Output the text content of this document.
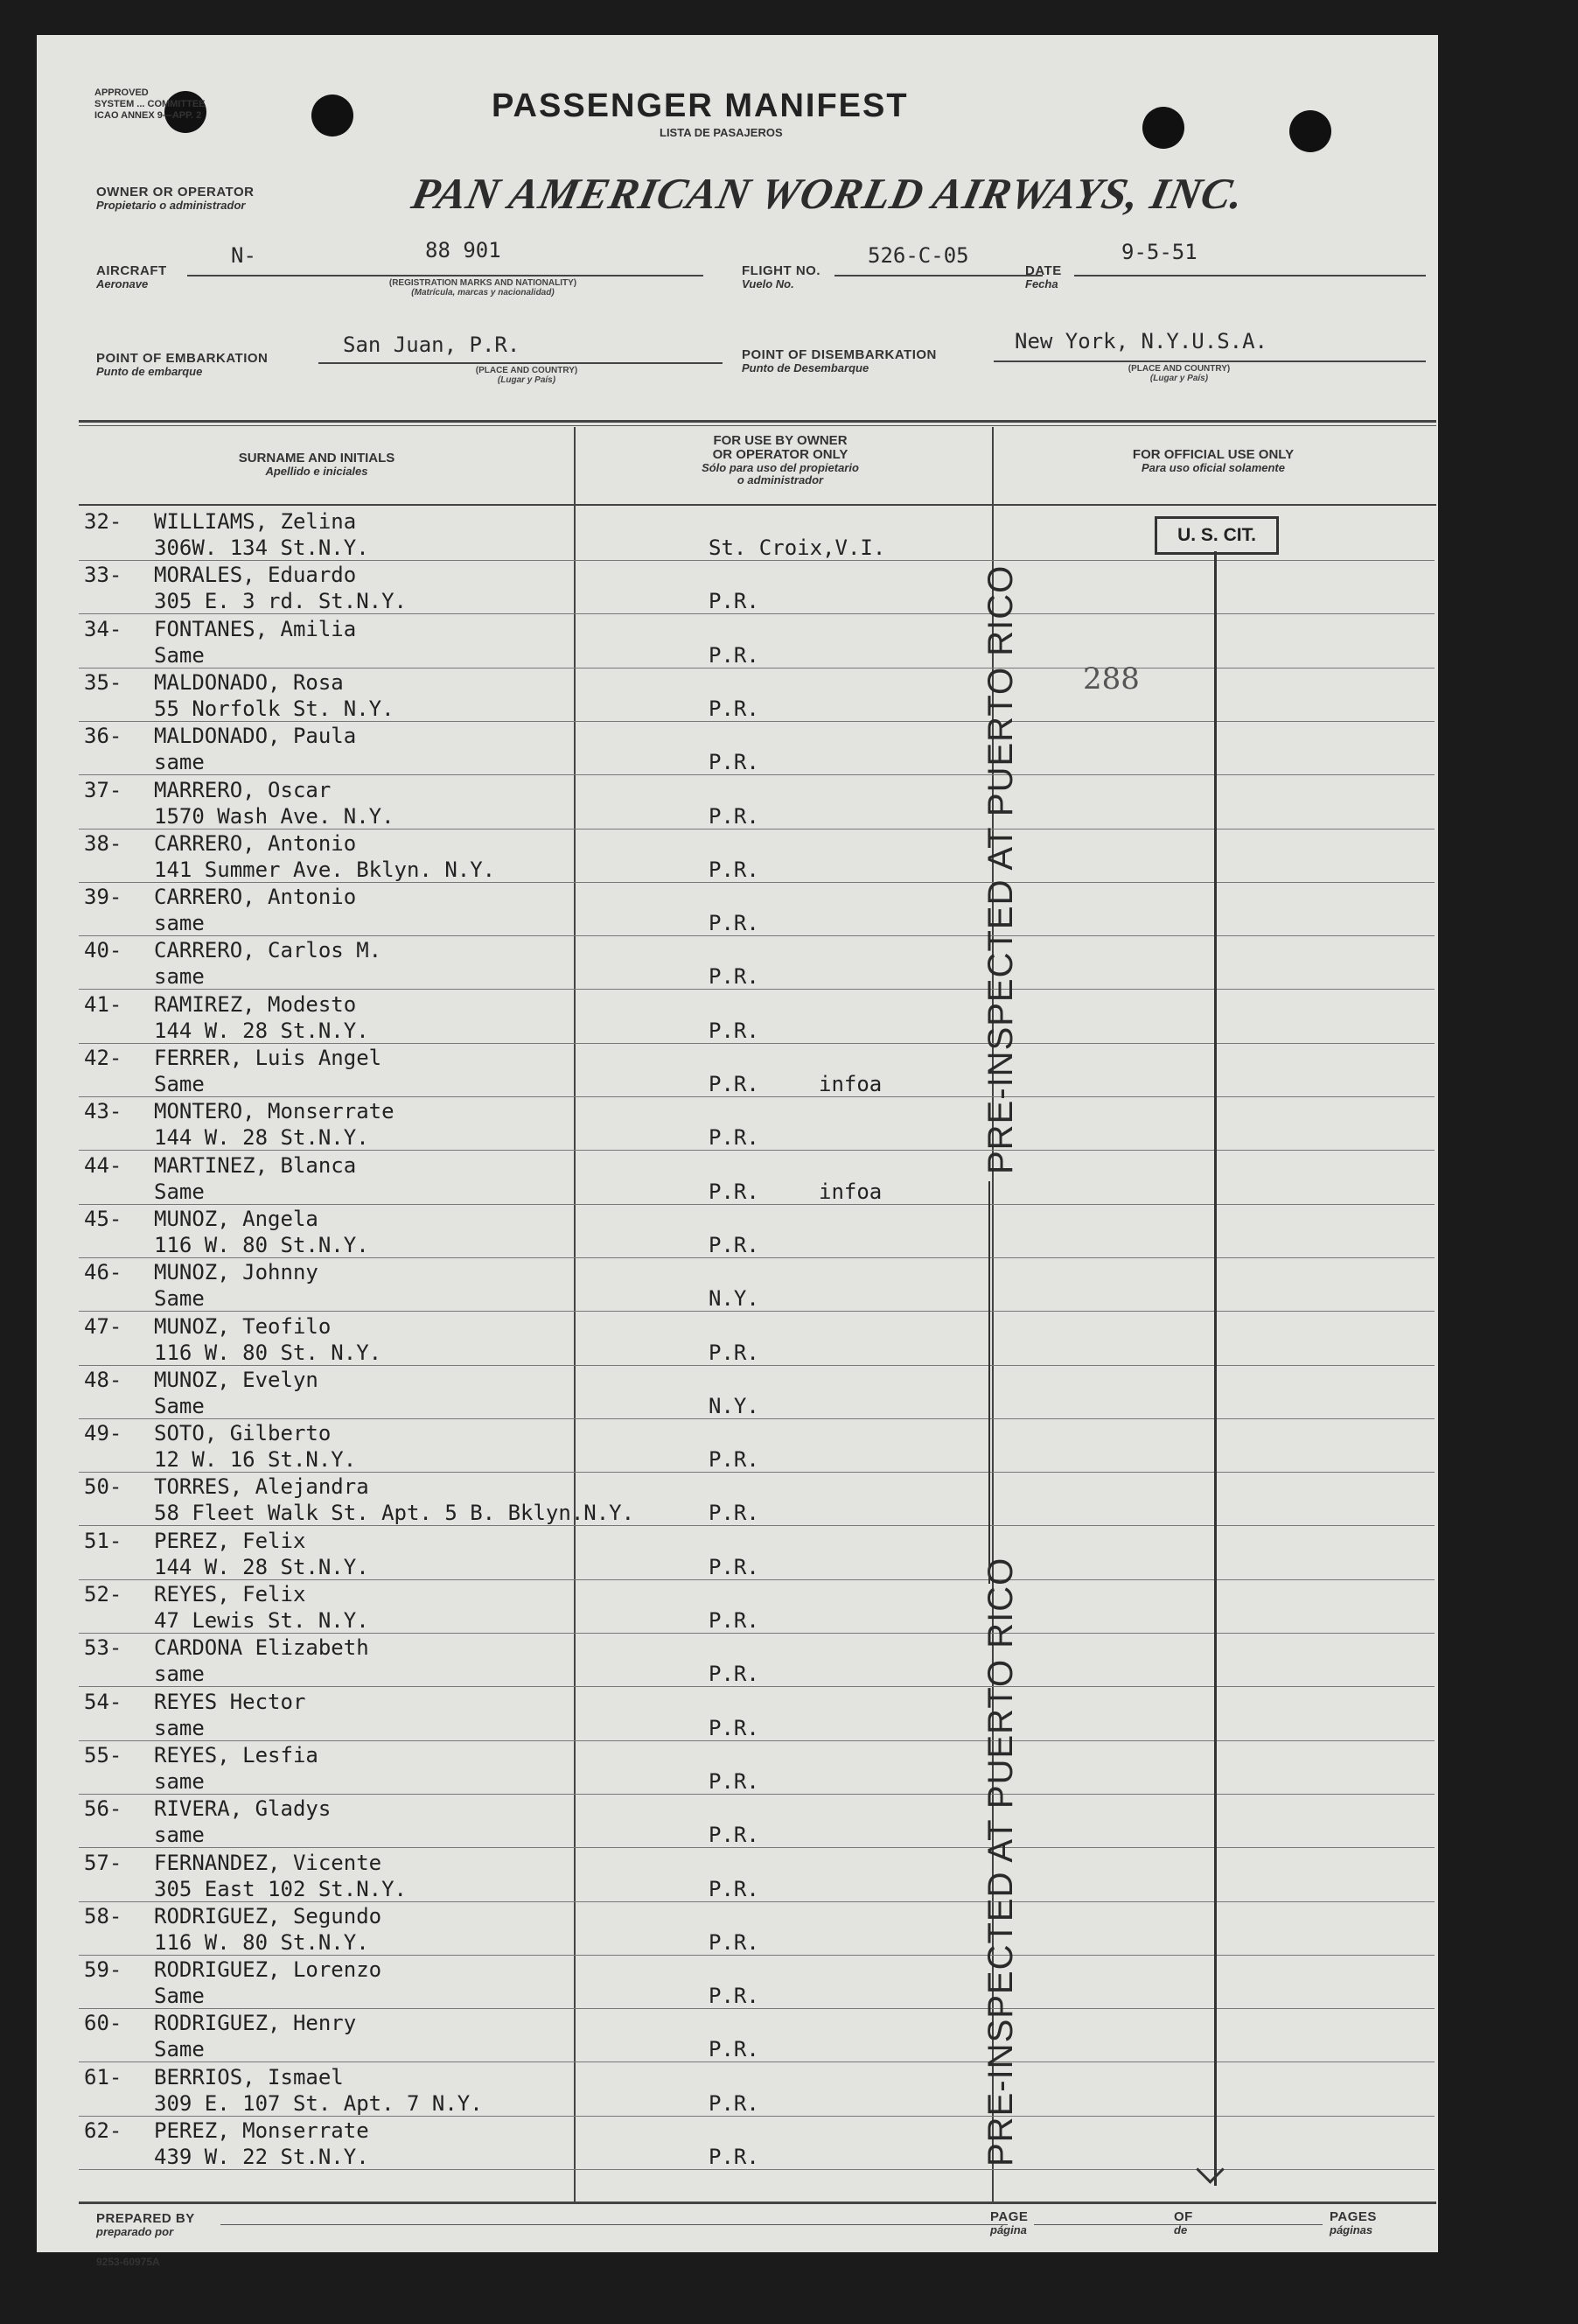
APPROVED
SYSTEM ... COMMITTEE
ICAO ANNEX 9—APP. 2	PASSENGER MANIFEST
LISTA DE PASAJEROS
OWNER OR OPERATOR
Propietario o administrador	PAN AMERICAN WORLD AIRWAYS, INC.
AIRCRAFT
Aeronave
N-	88 901
(REGISTRATION MARKS AND NATIONALITY)
(Matrícula, marcas y nacionalidad)
FLIGHT NO.
Vuelo No.
526-C-05
DATE
Fecha
9-5-51
POINT OF EMBARKATION
Punto de embarque
San Juan, P.R.
(PLACE AND COUNTRY)
(Lugar y País)
POINT OF DISEMBARKATION
Punto de Desembarque
New York, N.Y.U.S.A.
(PLACE AND COUNTRY)
(Lugar y País)
SURNAME AND INITIALS
Apellido e iniciales
FOR USE BY OWNER
OR OPERATOR ONLY
Sólo para uso del propietario
o administrador
FOR OFFICIAL USE ONLY
Para uso oficial solamente
32- WILLIAMS, Zelina
306W. 134 St.N.Y.	St. Croix,V.I.
33- MORALES, Eduardo
305 E. 3 rd. St.N.Y.	P.R.
34- FONTANES, Amilia
Same	P.R.
35- MALDONADO, Rosa
55 Norfolk St. N.Y.	P.R.
36- MALDONADO, Paula
same	P.R.
37- MARRERO, Oscar
1570 Wash Ave. N.Y.	P.R.
38- CARRERO, Antonio
141 Summer Ave. Bklyn. N.Y.	P.R.
39- CARRERO, Antonio
same	P.R.
40- CARRERO, Carlos M.
same	P.R.
41- RAMIREZ, Modesto
144 W. 28 St.N.Y.	P.R.
42- FERRER, Luis Angel
Same	P.R.	infoa
43- MONTERO, Monserrate
144 W. 28 St.N.Y.	P.R.
44- MARTINEZ, Blanca
Same	P.R.	infoa
45- MUNOZ, Angela
116 W. 80 St.N.Y.	P.R.
46- MUNOZ, Johnny
Same	N.Y.
47- MUNOZ, Teofilo
116 W. 80 St. N.Y.	P.R.
48- MUNOZ, Evelyn
Same	N.Y.
49- SOTO, Gilberto
12 W. 16 St.N.Y.	P.R.
50- TORRES, Alejandra
58 Fleet Walk St. Apt. 5 B. Bklyn.N.Y.	P.R.
51- PEREZ, Felix
144 W. 28 St.N.Y.	P.R.
52- REYES, Felix
47 Lewis St. N.Y.	P.R.
53- CARDONA Elizabeth
same	P.R.
54- REYES Hector
same	P.R.
55- REYES, Lesfia
same	P.R.
56- RIVERA, Gladys
same	P.R.
57- FERNANDEZ, Vicente
305 East 102 St.N.Y.	P.R.
58- RODRIGUEZ, Segundo
116 W. 80 St.N.Y.	P.R.
59- RODRIGUEZ, Lorenzo
Same	P.R.
60- RODRIGUEZ, Henry
Same	P.R.
61- BERRIOS, Ismael
309 E. 107 St. Apt. 7 N.Y.	P.R.
62- PEREZ, Monserrate
439 W. 22 St.N.Y.	P.R.
PRE-INSPECTED AT PUERTO RICO
PRE-INSPECTED AT PUERTO RICO
U. S. CIT.
288
PREPARED BY
preparado por
PAGE
página
OF
de
PAGES
páginas
9253-60975A
